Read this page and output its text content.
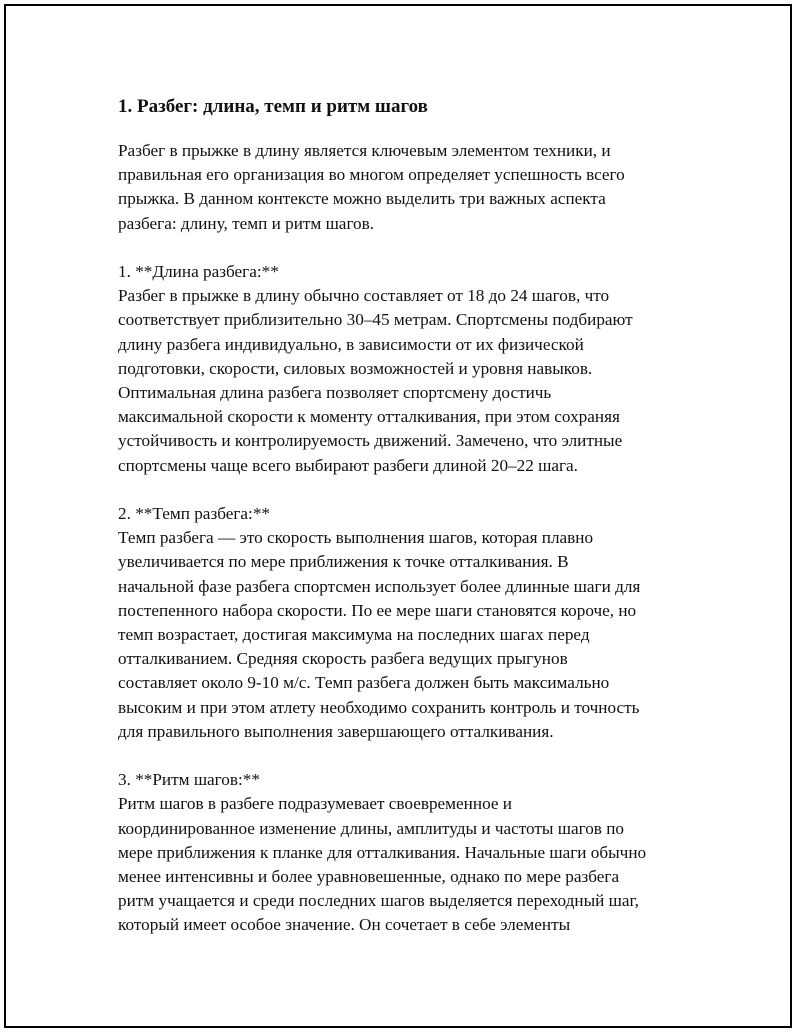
1. Разбег: длина, темп и ритм шагов

Разбег в прыжке в длину является ключевым элементом техники, и
правильная его организация во многом определяет успешность всего
прыжка. В данном контексте можно выделить три важных аспекта
разбега: длину, темп и ритм шагов.

1. **Длина разбега:**

Разбег в прыжке в длину обычно составляет от 18 до 24 шагов, что
соответствует приблизительно 30–45 метрам. Спортсмены подбирают
длину разбега индивидуально, в зависимости от их физической
подготовки, скорости, силовых возможностей и уровня навыков.
Оптимальная длина разбега позволяет спортсмену достичь
максимальной скорости к моменту отталкивания, при этом сохраняя
устойчивость и контролируемость движений. Замечено, что элитные
спортсмены чаще всего выбирают разбеги длиной 20–22 шага.

2. **Темп разбега:**

Темп разбега — это скорость выполнения шагов, которая плавно
увеличивается по мере приближения к точке отталкивания. В
начальной фазе разбега спортсмен использует более длинные шаги для
постепенного набора скорости. По ее мере шаги становятся короче, но
темп возрастает, достигая максимума на последних шагах перед
отталкиванием. Средняя скорость разбега ведущих прыгунов
составляет около 9-10 м/с. Темп разбега должен быть максимально
высоким и при этом атлету необходимо сохранить контроль и точность
для правильного выполнения завершающего отталкивания.

3. **Ритм шагов:**

Ритм шагов в разбеге подразумевает своевременное и
координированное изменение длины, амплитуды и частоты шагов по
мере приближения к планке для отталкивания. Начальные шаги обычно
менее интенсивны и более уравновешенные, однако по мере разбега
ритм учащается и среди последних шагов выделяется переходный шаг,
который имеет особое значение. Он сочетает в себе элементы
